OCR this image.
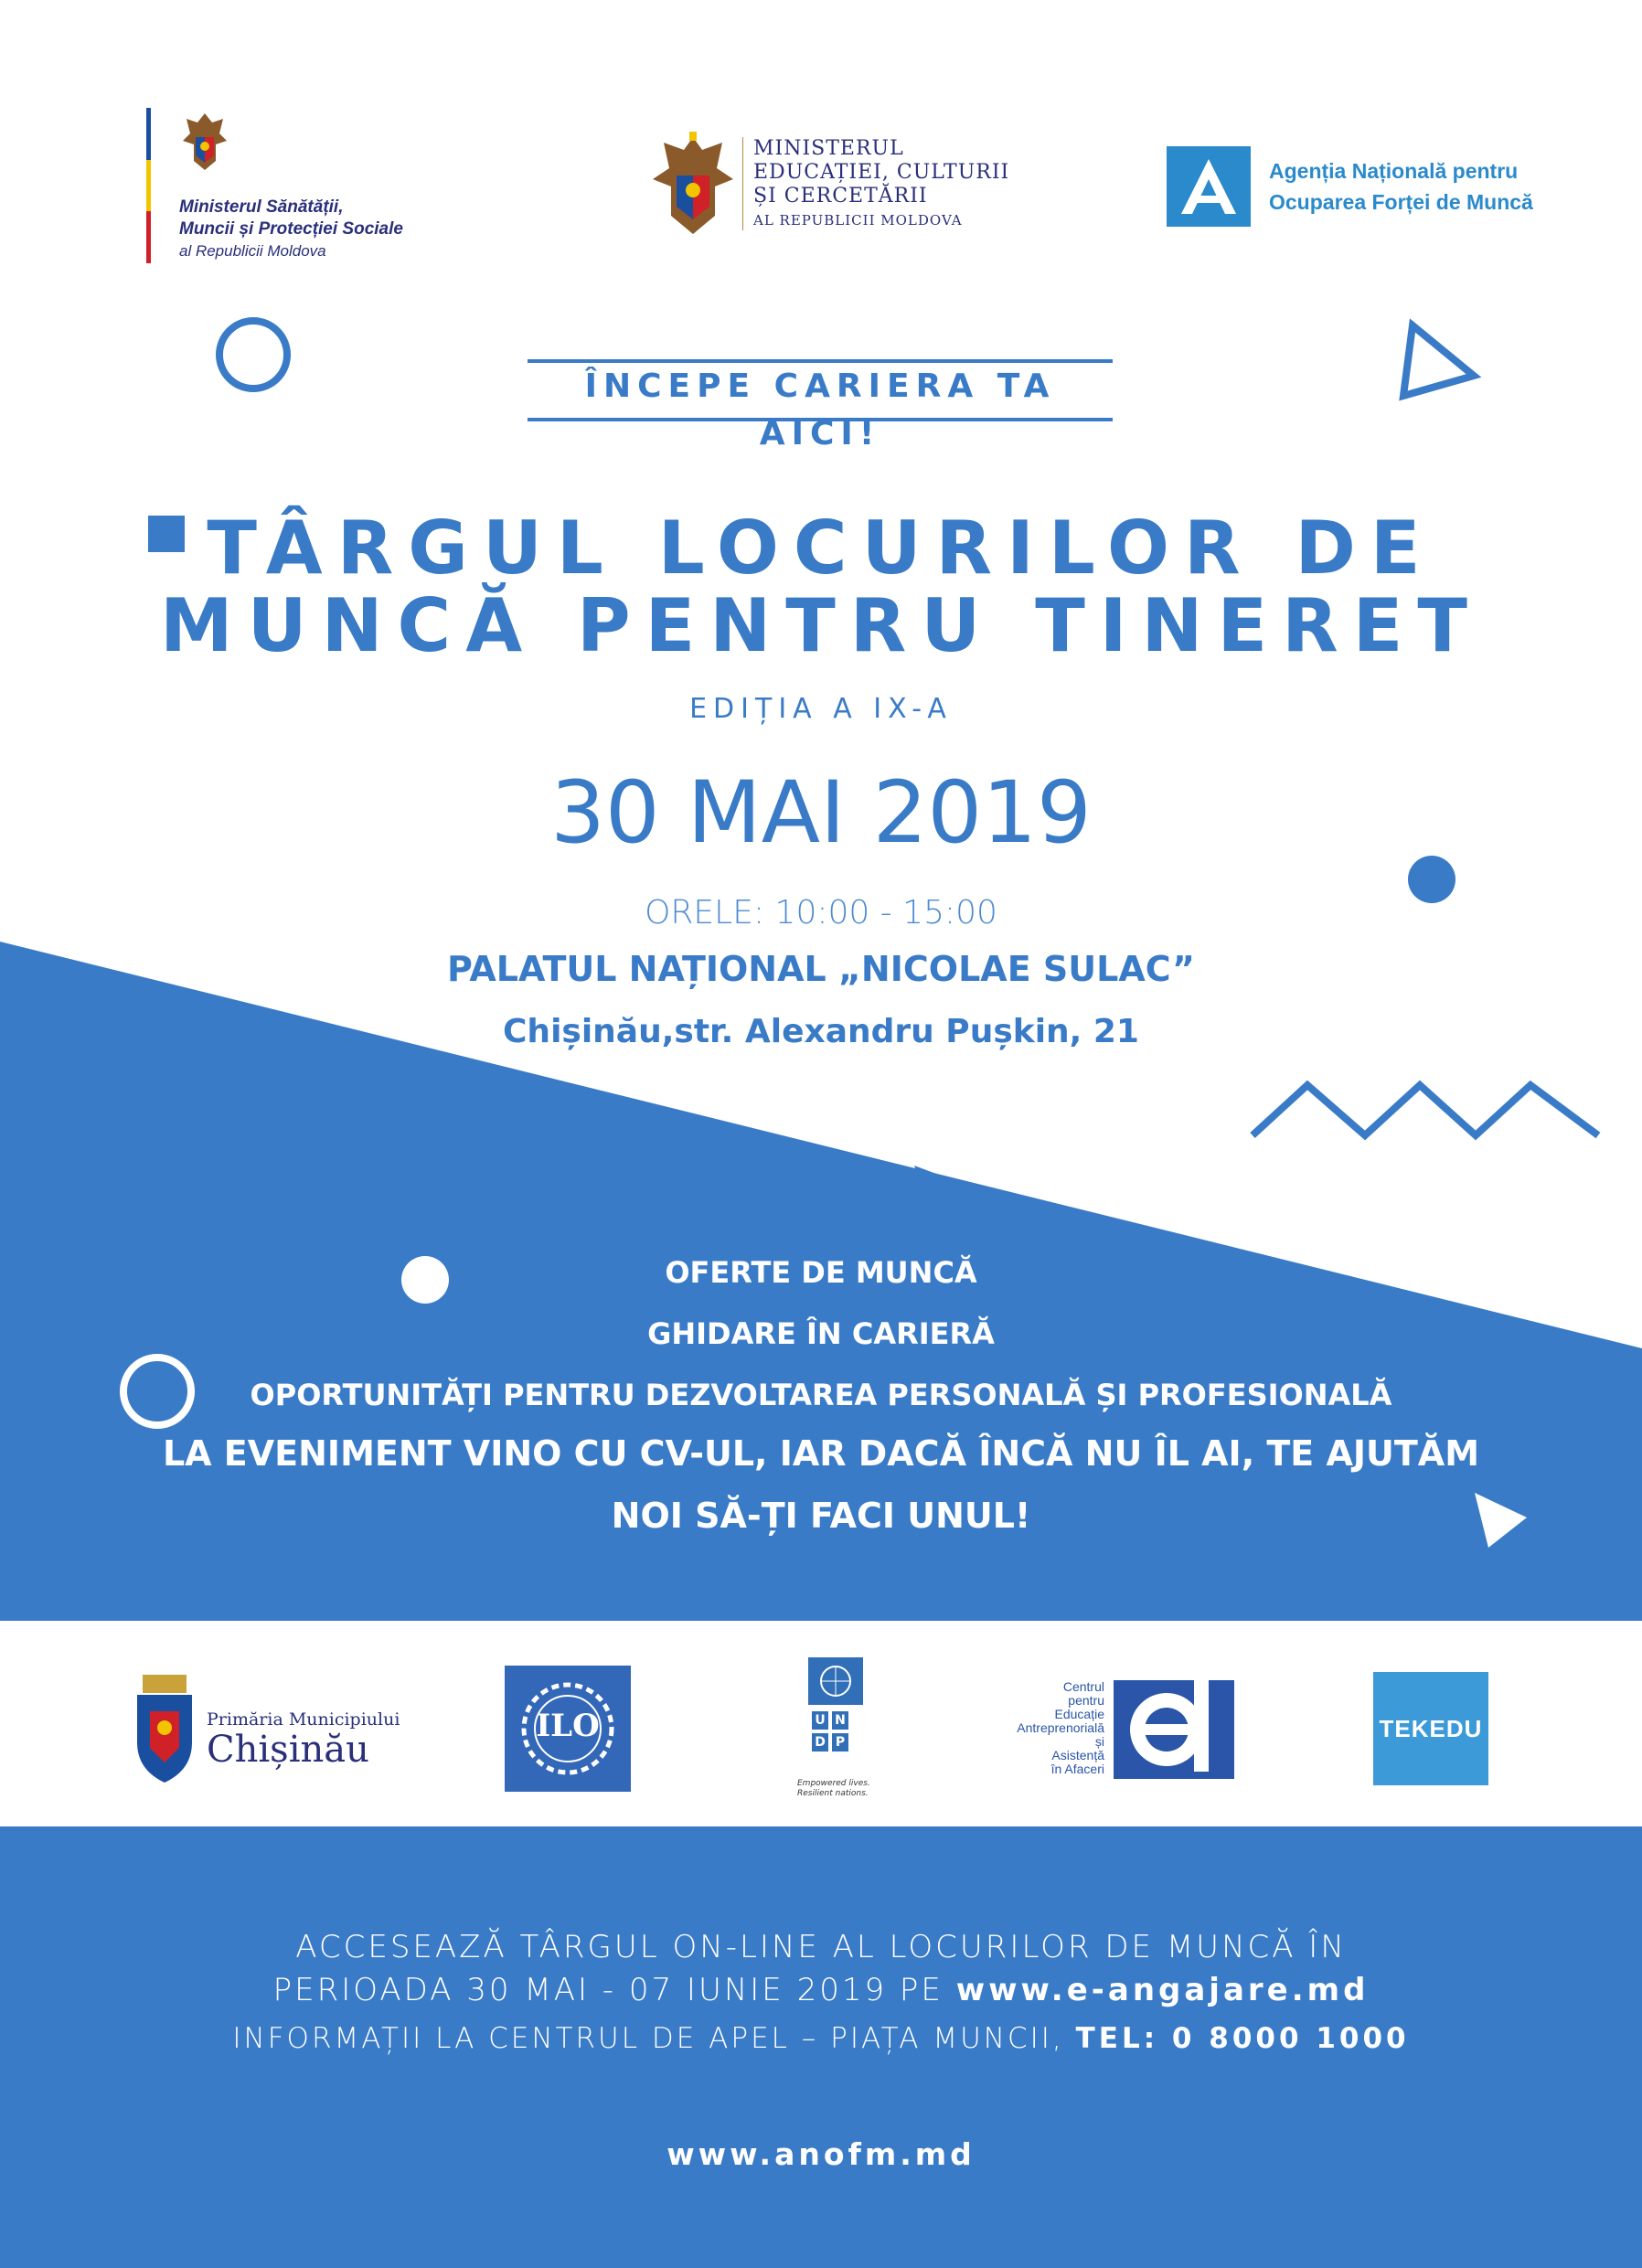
Ministerul Sănătății,
Muncii și Protecției Sociale
al Republicii Moldova
MINISTERUL
EDUCAȚIEI, CULTURII
ȘI CERCETĂRII
AL REPUBLICII MOLDOVA
Agenția Națională pentru
Ocuparea Forței de Muncă
ÎNCEPE CARIERA TA AICI!
TÂRGUL LOCURILOR DE
MUNCĂ PENTRU TINERET
EDIȚIA A IX-A
30 MAI 2019
ORELE: 10:00 - 15:00
PALATUL NAȚIONAL „NICOLAE SULAC”
Chișinău,str. Alexandru Pușkin, 21
OFERTE DE MUNCĂ
GHIDARE ÎN CARIERĂ
OPORTUNITĂȚI PENTRU DEZVOLTAREA PERSONALĂ ȘI PROFESIONALĂ
LA EVENIMENT VINO CU CV-UL, IAR DACĂ ÎNCĂ NU ÎL AI, TE AJUTĂM
NOI SĂ-ȚI FACI UNUL!
Primăria Municipiului
Chișinău
ILO	U N
D P
Empowered lives.
Resilient nations.
Centrul
pentru
Educație
Antreprenorială
și
Asistență
în Afaceri
TEKEDU
ACCESEAZĂ TÂRGUL ON-LINE AL LOCURILOR DE MUNCĂ ÎN
PERIOADA 30 MAI - 07 IUNIE 2019 PE www.e-angajare.md
INFORMAȚII LA CENTRUL DE APEL – PIAȚA MUNCII, TEL: 0 8000 1000
www.anofm.md
